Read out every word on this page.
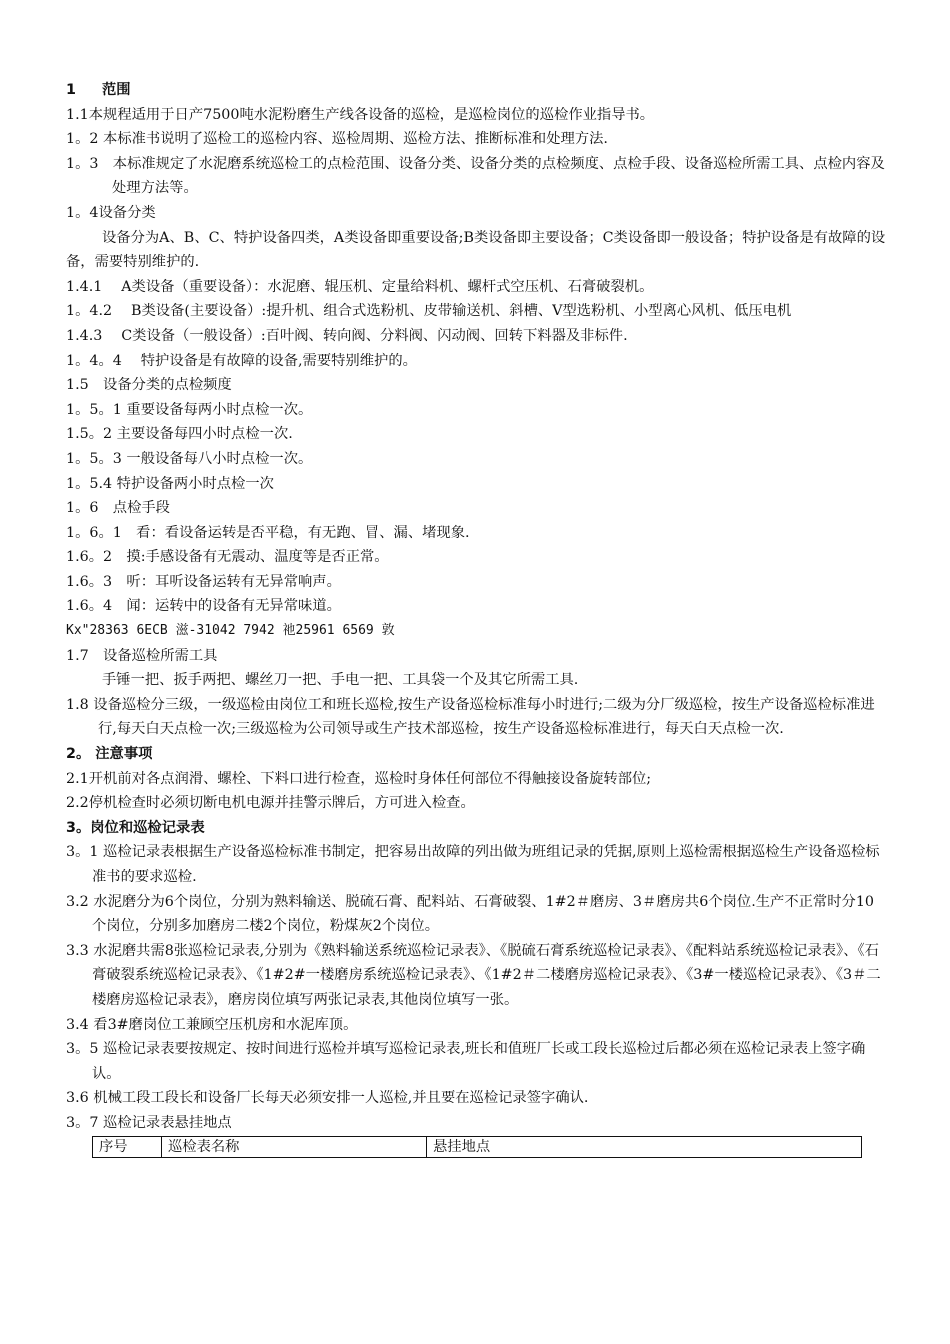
1 范围
1.1本规程适用于日产7500吨水泥粉磨生产线各设备的巡检，是巡检岗位的巡检作业指导书。
1。2 本标准书说明了巡检工的巡检内容、巡检周期、巡检方法、推断标准和处理方法.
1。3　本标准规定了水泥磨系统巡检工的点检范围、设备分类、设备分类的点检频度、点检手段、设备巡检所需工具、点检内容及处理方法等。
1。4设备分类
设备分为A、B、C、特护设备四类，A类设备即重要设备;B类设备即主要设备；C类设备即一般设备；特护设备是有故障的设备，需要特别维护的.
1.4.1　 A类设备（重要设备）：水泥磨、辊压机、定量给料机、螺杆式空压机、石膏破裂机。
1。4.2　 B类设备(主要设备）:提升机、组合式选粉机、皮带输送机、斜槽、V型选粉机、小型离心风机、低压电机
1.4.3　 C类设备（一般设备）:百叶阀、转向阀、分料阀、闪动阀、回转下料器及非标件.
1。4。4　 特护设备是有故障的设备,需要特别维护的。
1.5　设备分类的点检频度
1。5。1 重要设备每两小时点检一次。
1.5。2 主要设备每四小时点检一次.
1。5。3 一般设备每八小时点检一次。
1。5.4 特护设备两小时点检一次
1。6　点检手段
1。6。1　看：看设备运转是否平稳，有无跑、冒、漏、堵现象.
1.6。2　摸:手感设备有无震动、温度等是否正常。
1.6。3　听：耳听设备运转有无异常响声。
1.6。4　闻：运转中的设备有无异常味道。
Kx"28363 6ECB 滋-31042 7942 祂25961 6569 敦
1.7　设备巡检所需工具
手锤一把、扳手两把、螺丝刀一把、手电一把、工具袋一个及其它所需工具.
1.8 设备巡检分三级，一级巡检由岗位工和班长巡检,按生产设备巡检标准每小时进行;二级为分厂级巡检，按生产设备巡检标准进行,每天白天点检一次;三级巡检为公司领导或生产技术部巡检，按生产设备巡检标准进行，每天白天点检一次.
2。 注意事项
2.1开机前对各点润滑、螺栓、下料口进行检查，巡检时身体任何部位不得触接设备旋转部位;
2.2停机检查时必须切断电机电源并挂警示牌后，方可进入检查。
3。岗位和巡检记录表
3。1 巡检记录表根据生产设备巡检标准书制定，把容易出故障的列出做为班组记录的凭据,原则上巡检需根据巡检生产设备巡检标准书的要求巡检.
3.2 水泥磨分为6个岗位，分别为熟料输送、脱硫石膏、配料站、石膏破裂、1#2＃磨房、3＃磨房共6个岗位.生产不正常时分10个岗位，分别多加磨房二楼2个岗位，粉煤灰2个岗位。
3.3 水泥磨共需8张巡检记录表,分别为《熟料输送系统巡检记录表》、《脱硫石膏系统巡检记录表》、《配料站系统巡检记录表》、《石膏破裂系统巡检记录表》、《1#2#一楼磨房系统巡检记录表》、《1#2＃二楼磨房巡检记录表》、《3#一楼巡检记录表》、《3＃二楼磨房巡检记录表》，磨房岗位填写两张记录表,其他岗位填写一张。
3.4 看3#磨岗位工兼顾空压机房和水泥库顶。
3。5 巡检记录表要按规定、按时间进行巡检并填写巡检记录表,班长和值班厂长或工段长巡检过后都必须在巡检记录表上签字确认。
3.6 机械工段工段长和设备厂长每天必须安排一人巡检,并且要在巡检记录签字确认.
3。7 巡检记录表悬挂地点
序号	巡检表名称	悬挂地点
